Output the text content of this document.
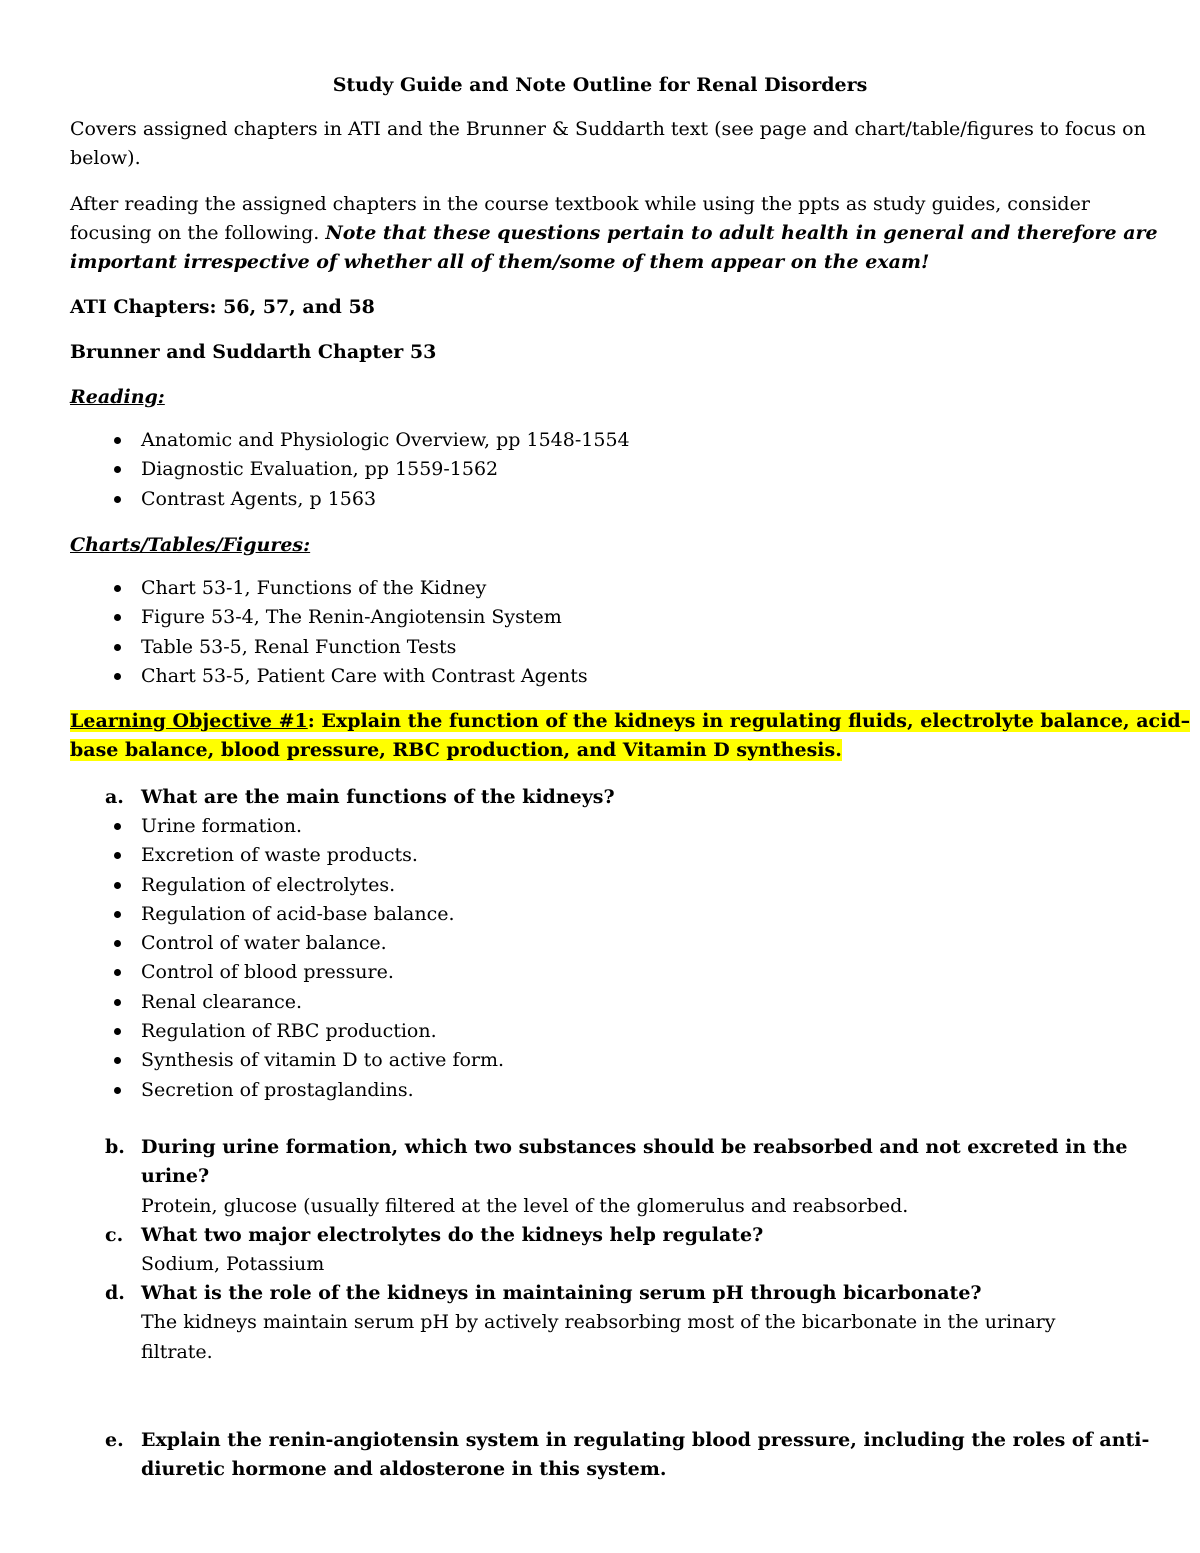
Study Guide and Note Outline for Renal Disorders
Covers assigned chapters in ATI and the Brunner & Suddarth text (see page and chart/table/figures to focus on
below).
After reading the assigned chapters in the course textbook while using the ppts as study guides, consider
focusing on the following. Note that these questions pertain to adult health in general and therefore are
important irrespective of whether all of them/some of them appear on the exam!
ATI Chapters: 56, 57, and 58
Brunner and Suddarth Chapter 53
Reading:
Anatomic and Physiologic Overview, pp 1548-1554
Diagnostic Evaluation, pp 1559-1562
Contrast Agents, p 1563
Charts/Tables/Figures:
Chart 53-1, Functions of the Kidney
Figure 53-4, The Renin-Angiotensin System
Table 53-5, Renal Function Tests
Chart 53-5, Patient Care with Contrast Agents
Learning Objective #1: Explain the function of the kidneys in regulating fluids, electrolyte balance, acid–
base balance, blood pressure, RBC production, and Vitamin D synthesis.
a. What are the main functions of the kidneys?
Urine formation.
Excretion of waste products.
Regulation of electrolytes.
Regulation of acid-base balance.
Control of water balance.
Control of blood pressure.
Renal clearance.
Regulation of RBC production.
Synthesis of vitamin D to active form.
Secretion of prostaglandins.
b. During urine formation, which two substances should be reabsorbed and not excreted in the
urine?
Protein, glucose (usually filtered at the level of the glomerulus and reabsorbed.
c. What two major electrolytes do the kidneys help regulate?
Sodium, Potassium
d. What is the role of the kidneys in maintaining serum pH through bicarbonate?
The kidneys maintain serum pH by actively reabsorbing most of the bicarbonate in the urinary
filtrate.
e. Explain the renin-angiotensin system in regulating blood pressure, including the roles of anti-
diuretic hormone and aldosterone in this system.
